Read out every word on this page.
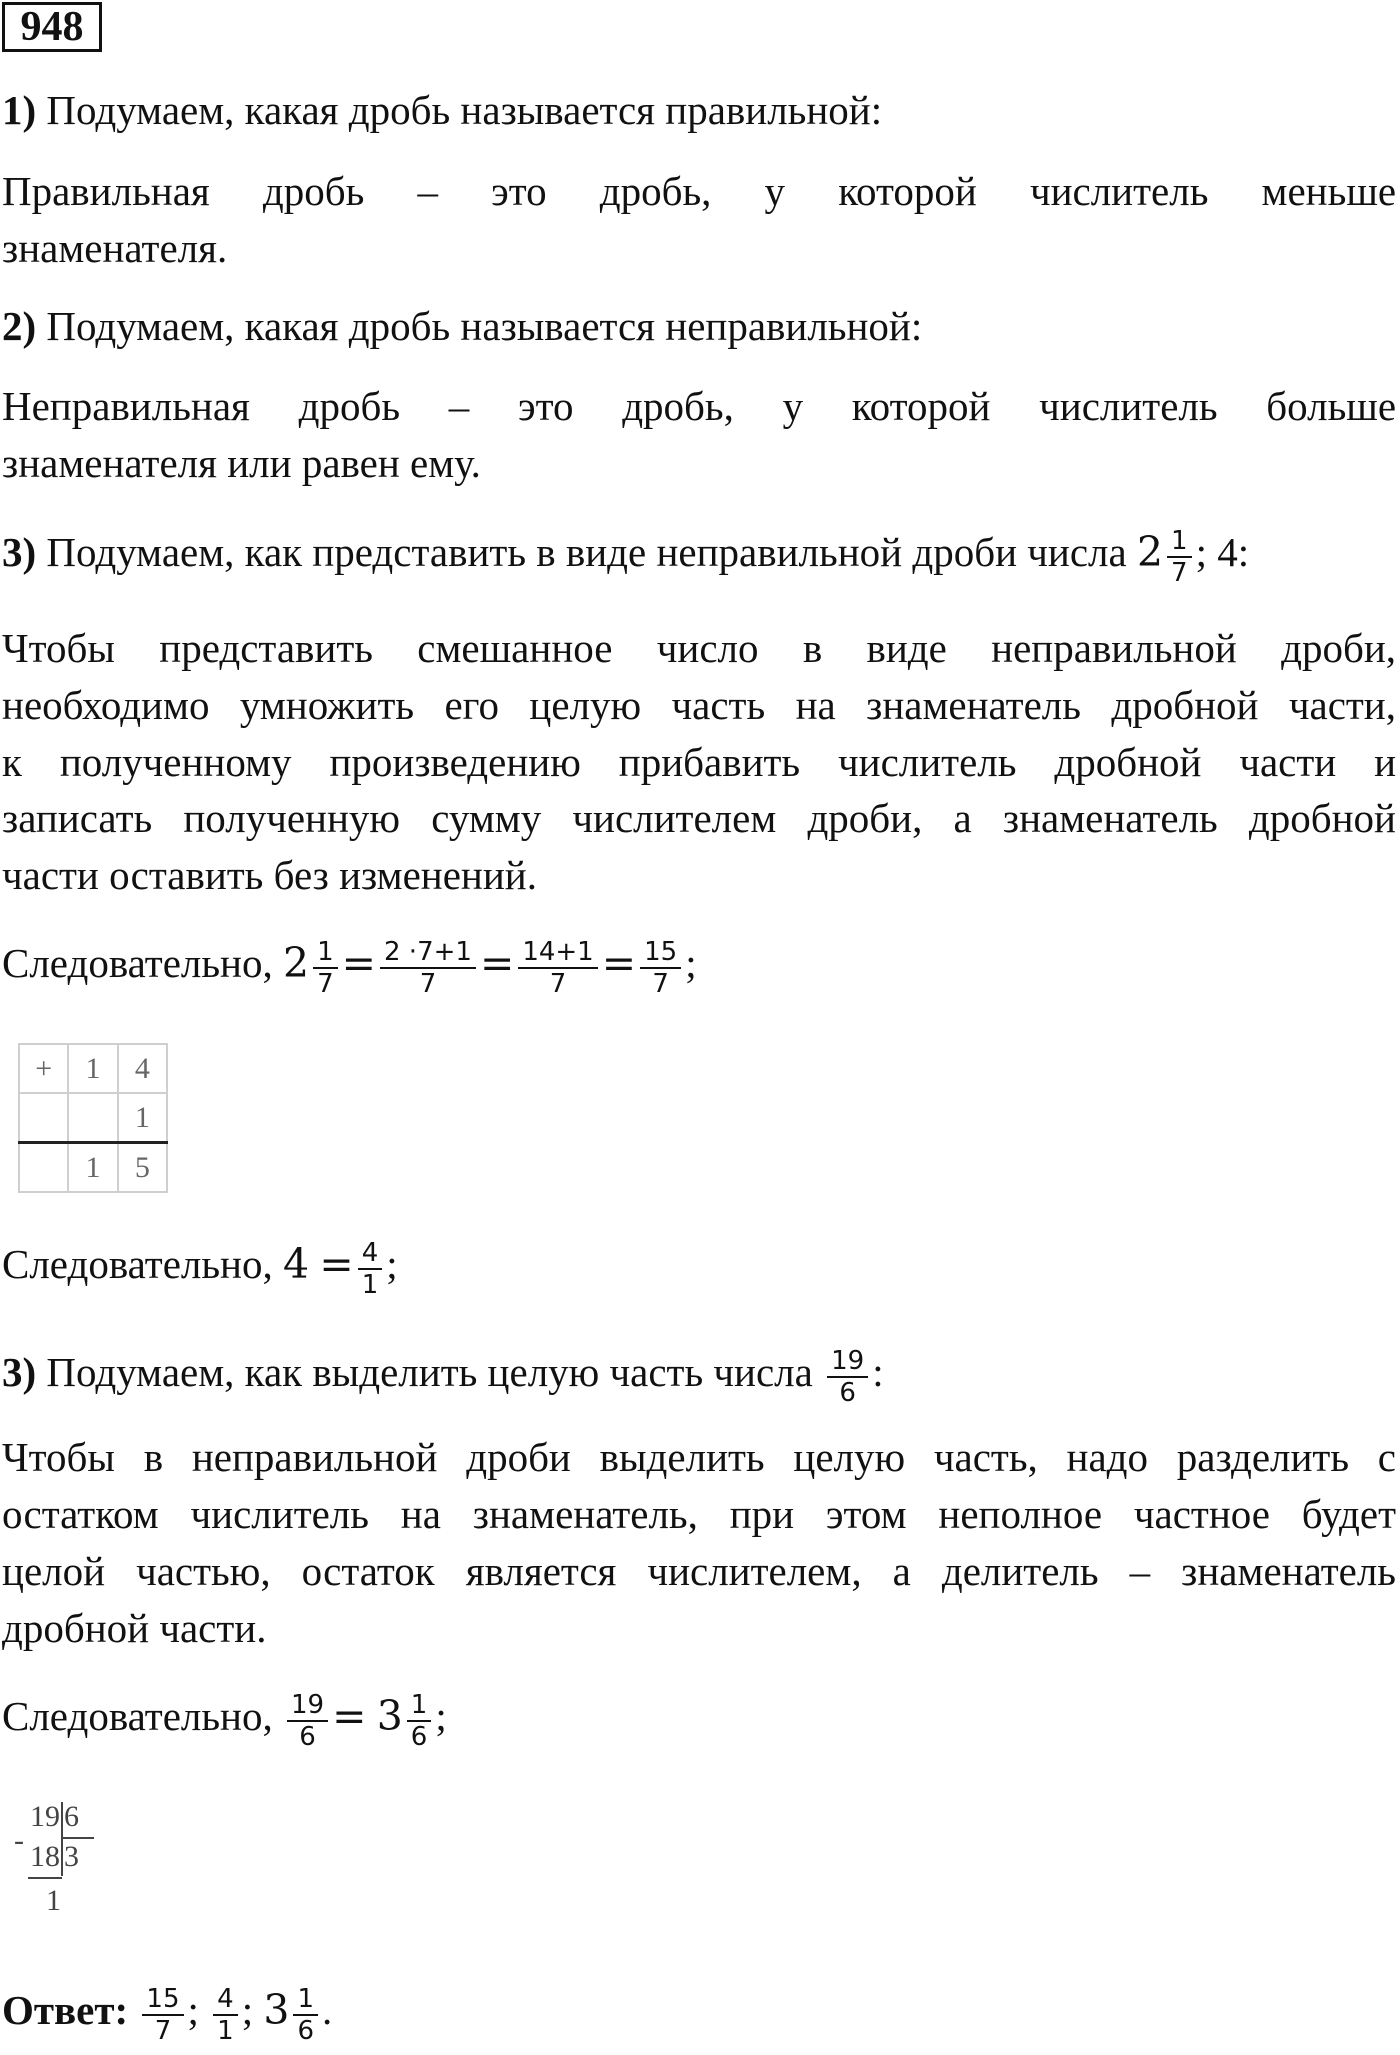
948
1) Подумаем, какая дробь называется правильной:
Правильная дробь – это дробь, у которой числитель меньше
знаменателя.
2) Подумаем, какая дробь называется неправильной:
Неправильная дробь – это дробь, у которой числитель больше
знаменателя или равен ему.
3) Подумаем, как представить в виде неправильной дроби числа $2 \frac{1}{7}$ ; 4:
Чтобы представить смешанное число в виде неправильной дроби,
необходимо умножить его целую часть на знаменатель дробной части,
к полученному произведению прибавить числитель дробной части и
записать полученную сумму числителем дроби, а знаменатель дробной
части оставить без изменений.
Следовательно, $2 \frac{1}{7} = \frac{2 \cdot 7+1}{7} = \frac{14+1}{7} = \frac{15}{7}$ ;
+	1	4
		1
	1	5
Следовательно, $4 = \frac{4}{1}$ ;
3) Подумаем, как выделить целую часть числа $\frac{19}{6}$ :
Чтобы в неправильной дроби выделить целую часть, надо разделить с
остатком числитель на знаменатель, при этом неполное частное будет
целой частью, остаток является числителем, а делитель – знаменатель
дробной части.
Следовательно, $\frac{19}{6} = 3 \frac{1}{6}$ ;
19 6
- 18 3
1
Ответ: $\frac{15}{7}$ ; $\frac{4}{1}$ ; $3 \frac{1}{6}$ .
